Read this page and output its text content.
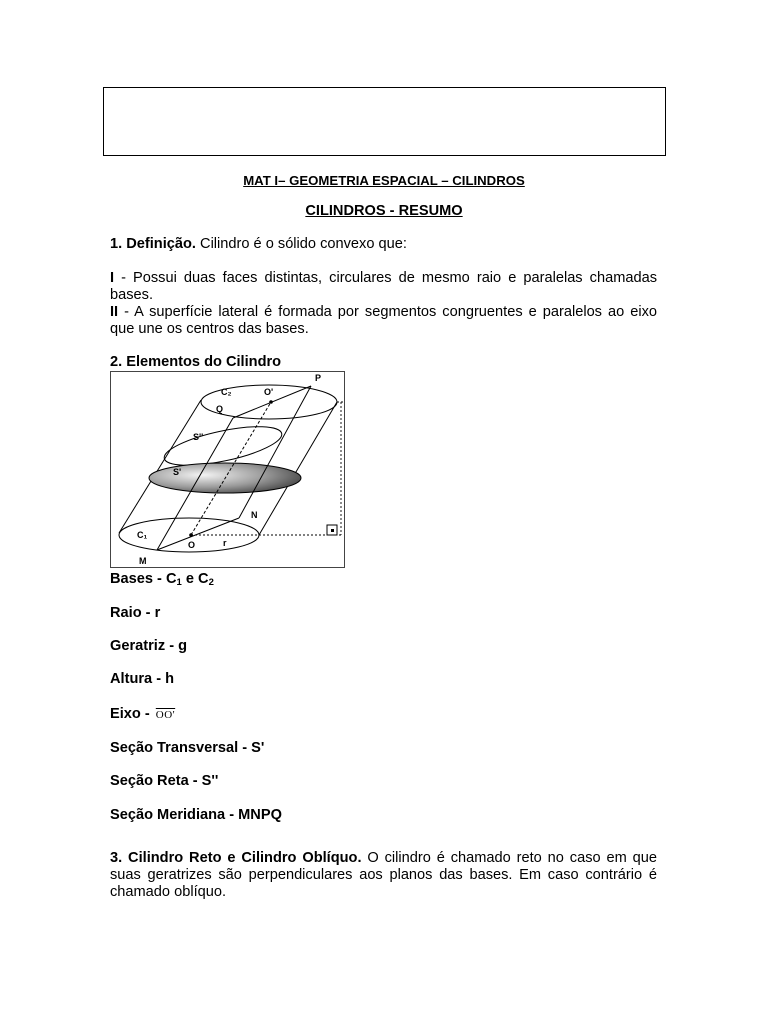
MAT I– GEOMETRIA ESPACIAL – CILINDROS
CILINDROS - RESUMO

1. Definição. Cilindro é o sólido convexo que:

I - Possui duas faces distintas, circulares de mesmo raio e paralelas chamadas bases.

II - A superfície lateral é formada por segmentos congruentes e paralelos ao eixo que une os centros das bases.

2. Elementos do Cilindro

C₂	O'
P
Q
S''
S'
N
C₁
O	r
M
Bases - $C_1$ e $C_2$
Raio - r
Geratriz - g
Altura - h
Eixo - OO'
Seção Transversal - S'
Seção Reta - S''
Seção Meridiana - MNPQ

3. Cilindro Reto e Cilindro Oblíquo. O cilindro é chamado reto no caso em que suas geratrizes são perpendiculares aos planos das bases. Em caso contrário é chamado oblíquo.
